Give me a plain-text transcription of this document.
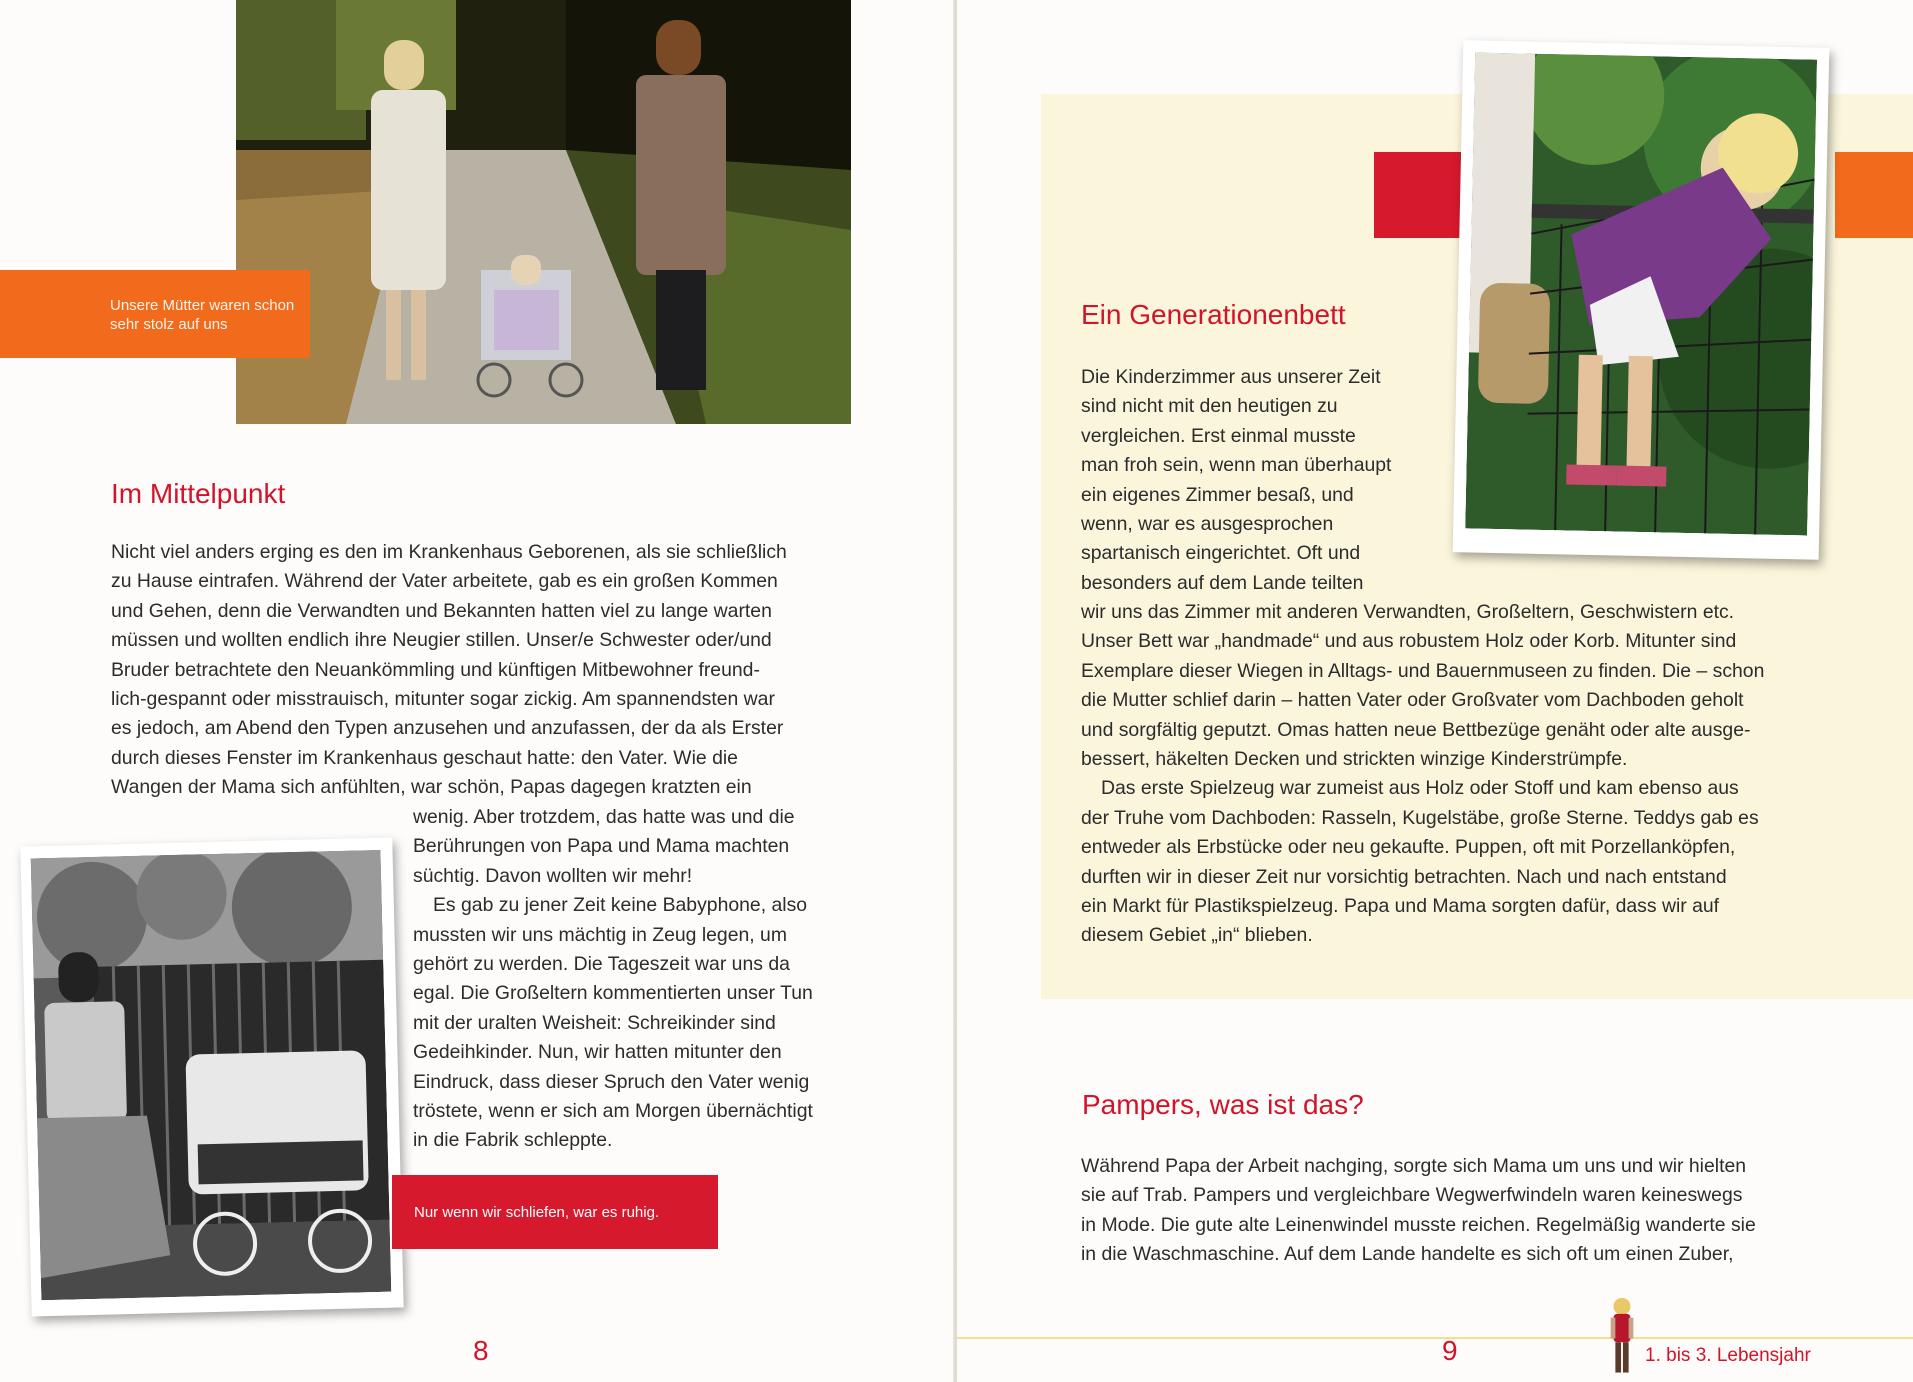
Unsere Mütter waren schon sehr stolz auf uns
Im Mittelpunkt

Nicht viel anders erging es den im Krankenhaus Geborenen, als sie schließlich

zu Hause eintrafen. Während der Vater arbeitete, gab es ein großen Kommen

und Gehen, denn die Verwandten und Bekannten hatten viel zu lange warten

müssen und wollten endlich ihre Neugier stillen. Unser/e Schwester oder/und

Bruder betrachtete den Neuankömmling und künftigen Mitbewohner freund-

lich-gespannt oder misstrauisch, mitunter sogar zickig. Am spannendsten war

es jedoch, am Abend den Typen anzusehen und anzufassen, der da als Erster

durch dieses Fenster im Krankenhaus geschaut hatte: den Vater. Wie die

Wangen der Mama sich anfühlten, war schön, Papas dagegen kratzten ein

wenig. Aber trotzdem, das hatte was und die

Berührungen von Papa und Mama machten

süchtig. Davon wollten wir mehr!

Es gab zu jener Zeit keine Babyphone, also

mussten wir uns mächtig in Zeug legen, um

gehört zu werden. Die Tageszeit war uns da

egal. Die Großeltern kommentierten unser Tun

mit der uralten Weisheit: Schreikinder sind

Gedeihkinder. Nun, wir hatten mitunter den

Eindruck, dass dieser Spruch den Vater wenig

tröstete, wenn er sich am Morgen übernächtigt

in die Fabrik schleppte.

Nur wenn wir schliefen, war es ruhig.
8
Ein Generationenbett

Die Kinderzimmer aus unserer Zeit

sind nicht mit den heutigen zu

vergleichen. Erst einmal musste

man froh sein, wenn man überhaupt

ein eigenes Zimmer besaß, und

wenn, war es ausgesprochen

spartanisch eingerichtet. Oft und

besonders auf dem Lande teilten

wir uns das Zimmer mit anderen Verwandten, Großeltern, Geschwistern etc.

Unser Bett war „handmade“ und aus robustem Holz oder Korb. Mitunter sind

Exemplare dieser Wiegen in Alltags- und Bauernmuseen zu finden. Die – schon

die Mutter schlief darin – hatten Vater oder Großvater vom Dachboden geholt

und sorgfältig geputzt. Omas hatten neue Bettbezüge genäht oder alte ausge-

bessert, häkelten Decken und strickten winzige Kinderstrümpfe.

Das erste Spielzeug war zumeist aus Holz oder Stoff und kam ebenso aus

der Truhe vom Dachboden: Rasseln, Kugelstäbe, große Sterne. Teddys gab es

entweder als Erbstücke oder neu gekaufte. Puppen, oft mit Porzellanköpfen,

durften wir in dieser Zeit nur vorsichtig betrachten. Nach und nach entstand

ein Markt für Plastikspielzeug. Papa und Mama sorgten dafür, dass wir auf

diesem Gebiet „in“ blieben.

Pampers, was ist das?

Während Papa der Arbeit nachging, sorgte sich Mama um uns und wir hielten

sie auf Trab. Pampers und vergleichbare Wegwerfwindeln waren keineswegs

in Mode. Die gute alte Leinenwindel musste reichen. Regelmäßig wanderte sie

in die Waschmaschine. Auf dem Lande handelte es sich oft um einen Zuber,

9	1. bis 3. Lebensjahr
